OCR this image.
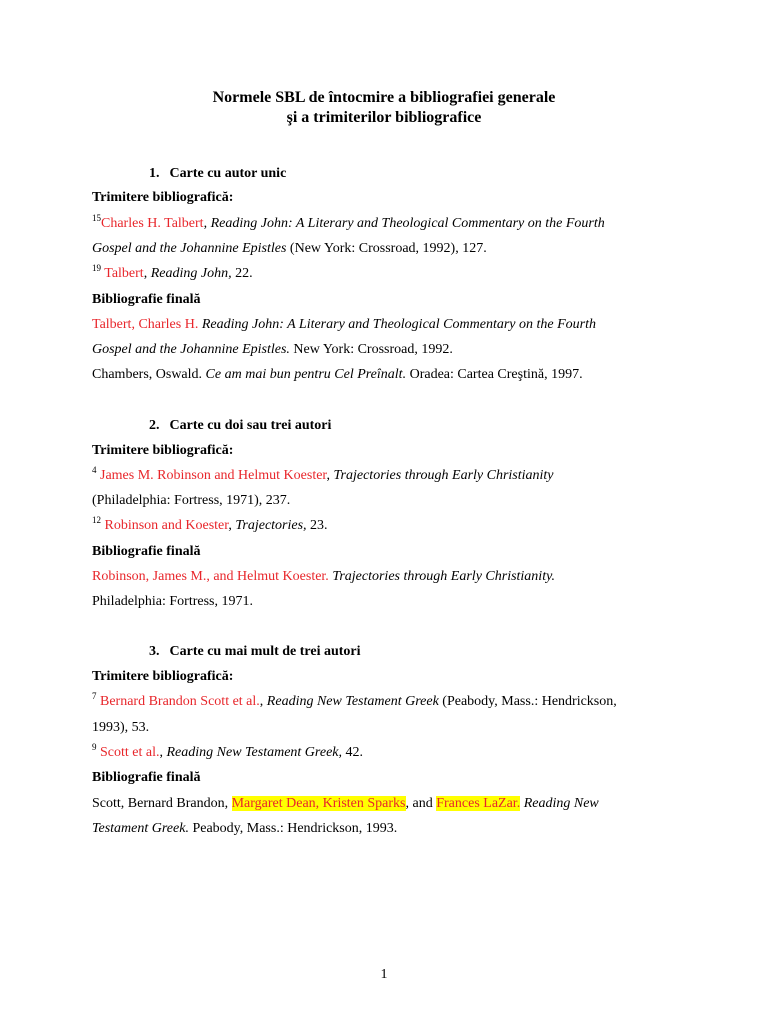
Normele SBL de întocmire a bibliografiei generale
şi a trimiterilor bibliografice
1. Carte cu autor unic
Trimitere bibliografică:
$^{15}$Charles H. Talbert, Reading John: A Literary and Theological Commentary on the Fourth
Gospel and the Johannine Epistles (New York: Crossroad, 1992), 127.
$^{19}$ Talbert, Reading John, 22.
Bibliografie finală
Talbert, Charles H. Reading John: A Literary and Theological Commentary on the Fourth
Gospel and the Johannine Epistles. New York: Crossroad, 1992.
Chambers, Oswald. Ce am mai bun pentru Cel Preînalt. Oradea: Cartea Creştină, 1997.
2. Carte cu doi sau trei autori
Trimitere bibliografică:
$^4$ James M. Robinson and Helmut Koester, Trajectories through Early Christianity
(Philadelphia: Fortress, 1971), 237.
$^{12}$ Robinson and Koester, Trajectories, 23.
Bibliografie finală
Robinson, James M., and Helmut Koester. Trajectories through Early Christianity.
Philadelphia: Fortress, 1971.
3. Carte cu mai mult de trei autori
Trimitere bibliografică:
$^7$ Bernard Brandon Scott et al., Reading New Testament Greek (Peabody, Mass.: Hendrickson,
1993), 53.
$^9$ Scott et al., Reading New Testament Greek, 42.
Bibliografie finală
Scott, Bernard Brandon, Margaret Dean, Kristen Sparks, and Frances LaZar. Reading New
Testament Greek. Peabody, Mass.: Hendrickson, 1993.
1
